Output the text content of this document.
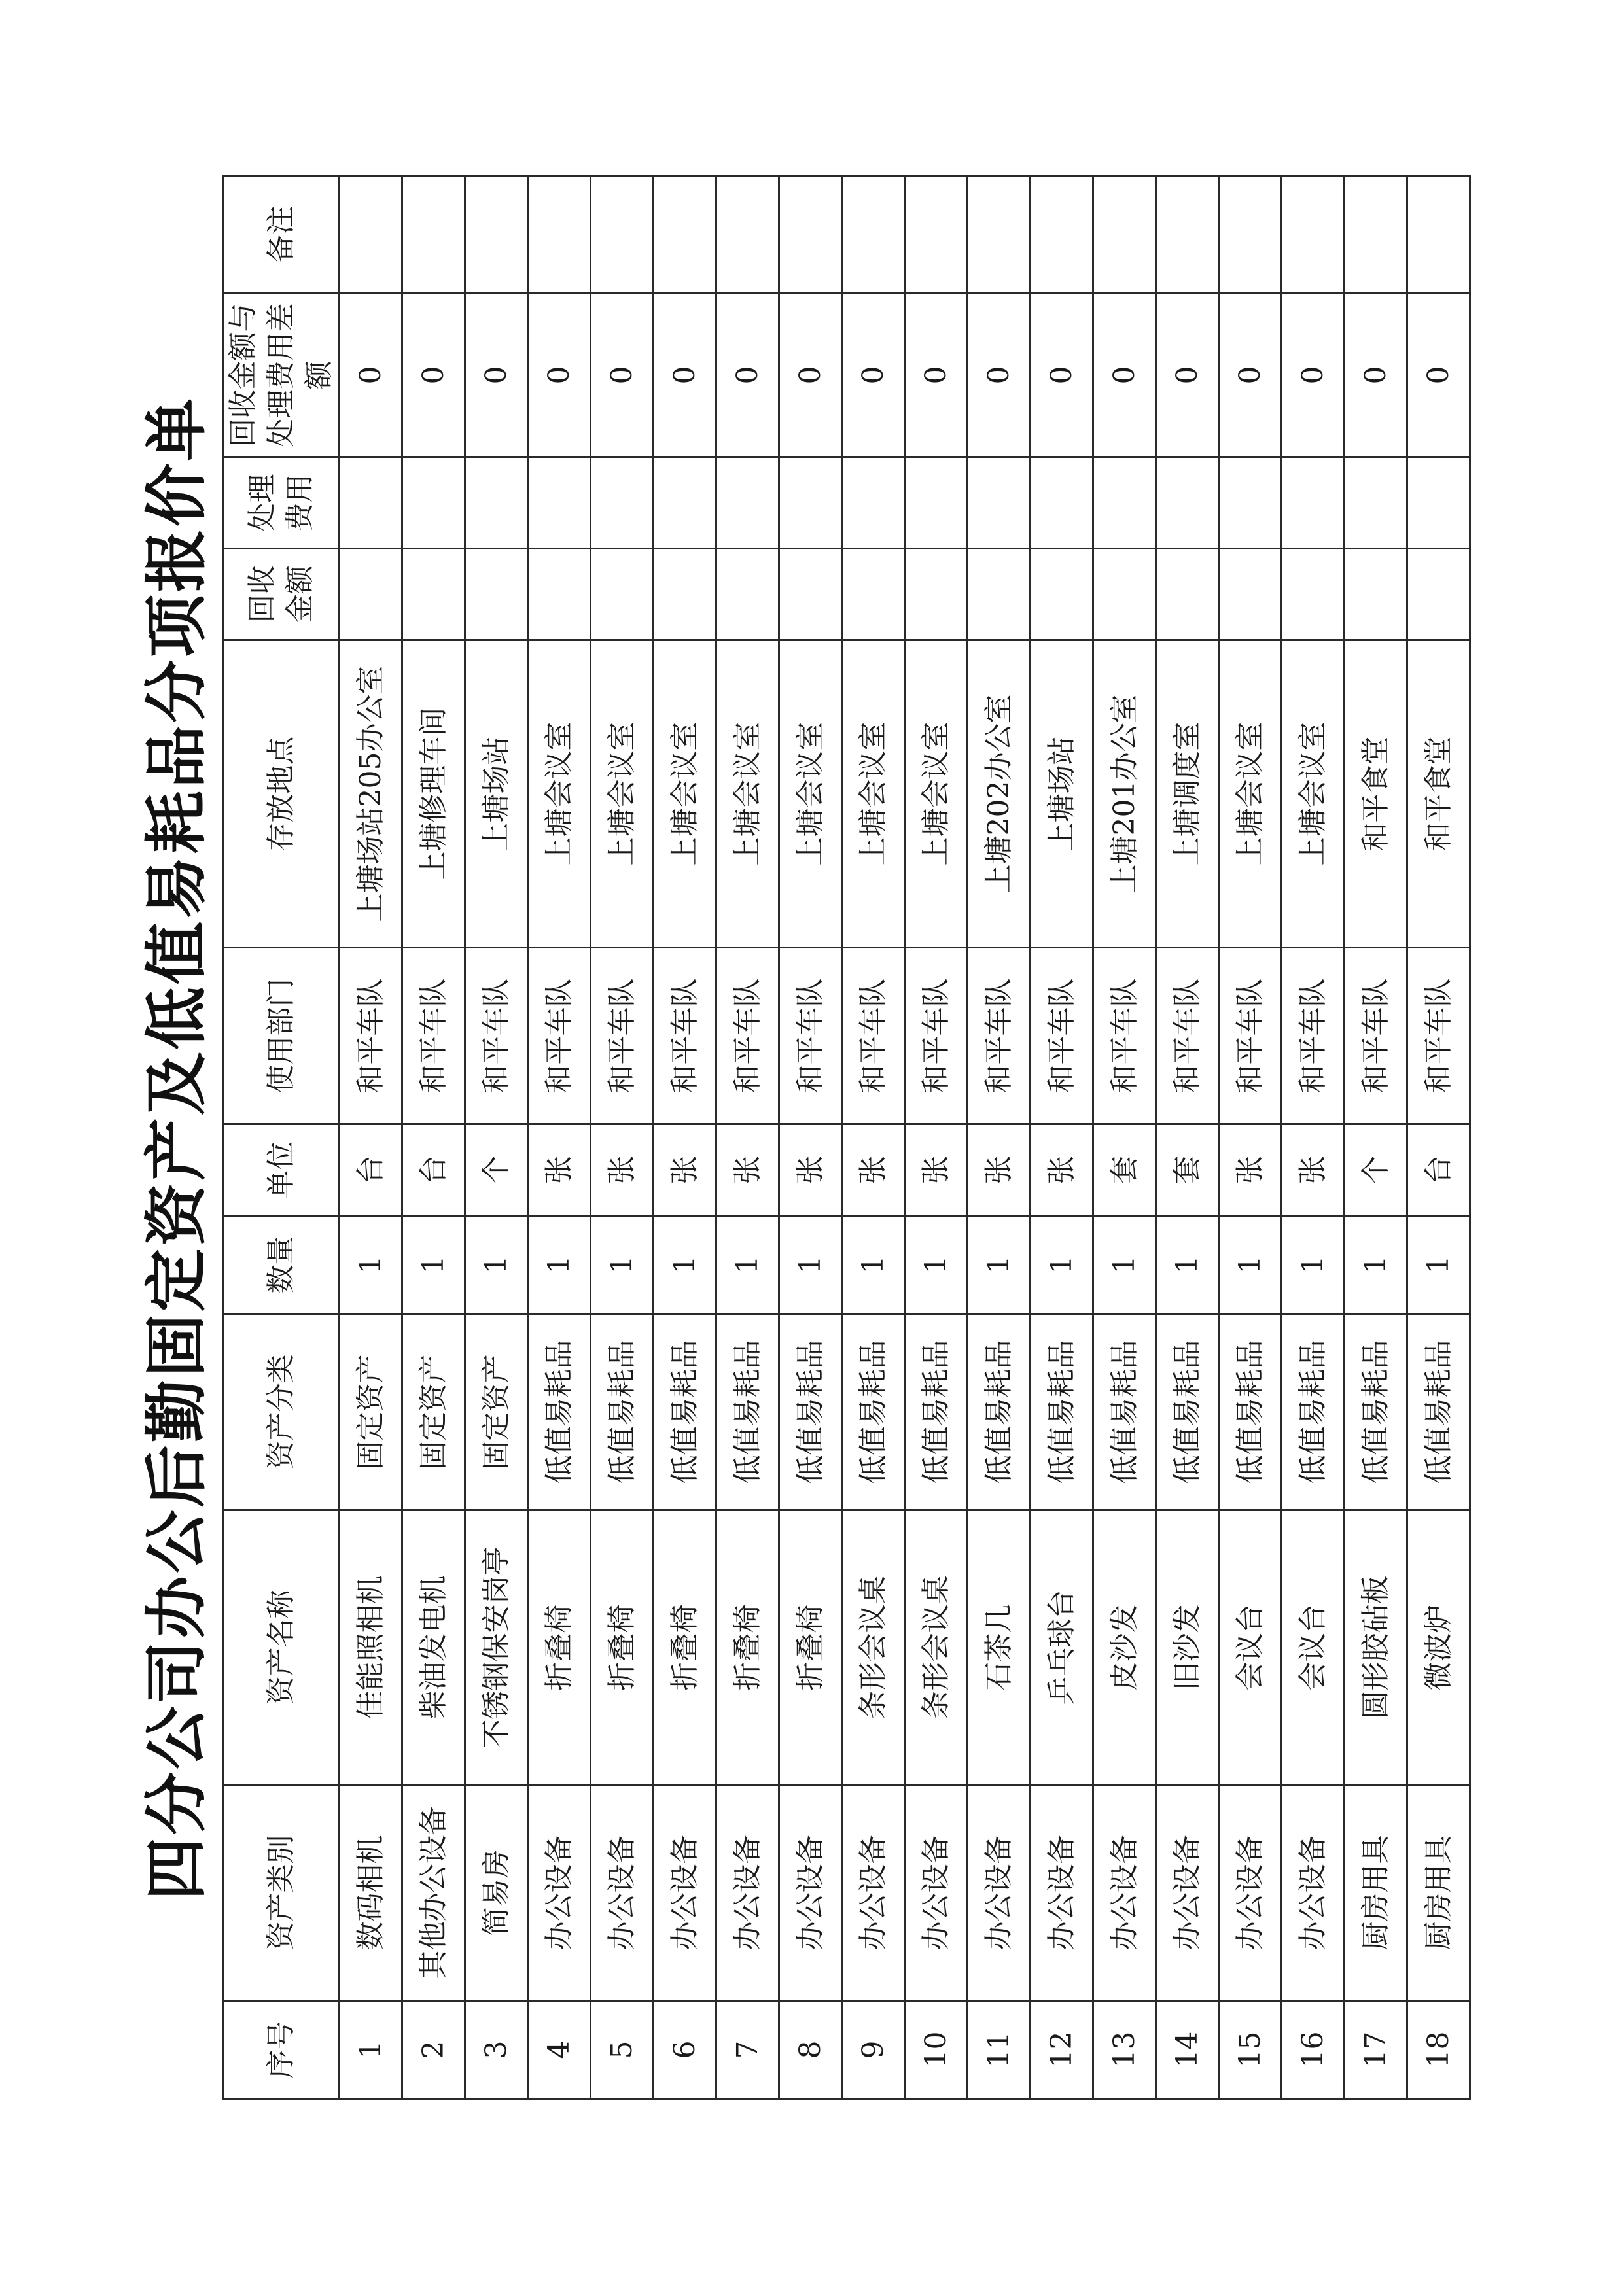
四分公司办公后勤固定资产及低值易耗品分项报价单
序号	资产类别	资产名称	资产分类	数量	单位	使用部门	存放地点	回收金额	处理费用	回收金额与处理费用差额	备注
1	数码相机	佳能照相机	固定资产	1	台	和平车队	上塘场站205办公室			0	
2	其他办公设备	柴油发电机	固定资产	1	台	和平车队	上塘修理车间			0	
3	简易房	不锈钢保安岗亭	固定资产	1	个	和平车队	上塘场站			0	
4	办公设备	折叠椅	低值易耗品	1	张	和平车队	上塘会议室			0	
5	办公设备	折叠椅	低值易耗品	1	张	和平车队	上塘会议室			0	
6	办公设备	折叠椅	低值易耗品	1	张	和平车队	上塘会议室			0	
7	办公设备	折叠椅	低值易耗品	1	张	和平车队	上塘会议室			0	
8	办公设备	折叠椅	低值易耗品	1	张	和平车队	上塘会议室			0	
9	办公设备	条形会议桌	低值易耗品	1	张	和平车队	上塘会议室			0	
10	办公设备	条形会议桌	低值易耗品	1	张	和平车队	上塘会议室			0	
11	办公设备	石茶几	低值易耗品	1	张	和平车队	上塘202办公室			0	
12	办公设备	乒乓球台	低值易耗品	1	张	和平车队	上塘场站			0	
13	办公设备	皮沙发	低值易耗品	1	套	和平车队	上塘201办公室			0	
14	办公设备	旧沙发	低值易耗品	1	套	和平车队	上塘调度室			0	
15	办公设备	会议台	低值易耗品	1	张	和平车队	上塘会议室			0	
16	办公设备	会议台	低值易耗品	1	张	和平车队	上塘会议室			0	
17	厨房用具	圆形胶砧板	低值易耗品	1	个	和平车队	和平食堂			0	
18	厨房用具	微波炉	低值易耗品	1	台	和平车队	和平食堂			0	
